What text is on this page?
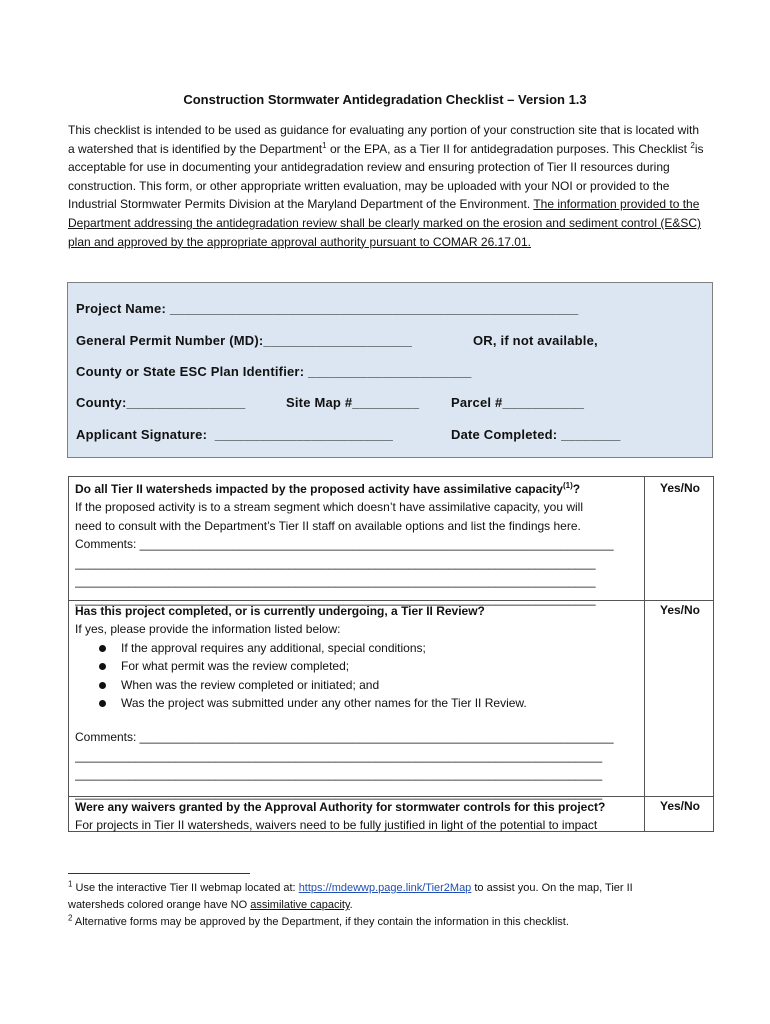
Construction Stormwater Antidegradation Checklist – Version 1.3
This checklist is intended to be used as guidance for evaluating any portion of your construction site that is located with a watershed that is identified by the Department$^1$ or the EPA, as a Tier II for antidegradation purposes. This Checklist $^2$is acceptable for use in documenting your antidegradation review and ensuring protection of Tier II resources during construction. This form, or other appropriate written evaluation, may be uploaded with your NOI or provided to the Industrial Stormwater Permits Division at the Maryland Department of the Environment. The information provided to the Department addressing the antidegradation review shall be clearly marked on the erosion and sediment control (E&SC) plan and approved by the appropriate approval authority pursuant to COMAR 26.17.01.
Project Name: _______________________________________________________
General Permit Number (MD):____________________	OR, if not available,
County or State ESC Plan Identifier: ______________________
County:________________	Site Map #_________ Parcel #___________
Applicant Signature:  ________________________	Date Completed: ________
Do all Tier II watersheds impacted by the proposed activity have assimilative capacity$^{(1)}$?
If the proposed activity is to a stream segment which doesn’t have assimilative capacity, you will
need to consult with the Department’s Tier II staff on available options and list the findings here.
Comments: _______________________________________________________________________
______________________________________________________________________________
______________________________________________________________________________
______________________________________________________________________________
Yes/No
Has this project completed, or is currently undergoing, a Tier II Review?
If yes, please provide the information listed below:
If the approval requires any additional, special conditions;
For what permit was the review completed;
When was the review completed or initiated; and
Was the project was submitted under any other names for the Tier II Review.
Comments: _______________________________________________________________________
_______________________________________________________________________________
_______________________________________________________________________________
_______________________________________________________________________________
Yes/No
Were any waivers granted by the Approval Authority for stormwater controls for this project?
For projects in Tier II watersheds, waivers need to be fully justified in light of the potential to impact
Yes/No
$^1$ Use the interactive Tier II webmap located at: https://mdewwp.page.link/Tier2Map to assist you. On the map, Tier II watersheds colored orange have NO assimilative capacity.
$^2$ Alternative forms may be approved by the Department, if they contain the information in this checklist.
